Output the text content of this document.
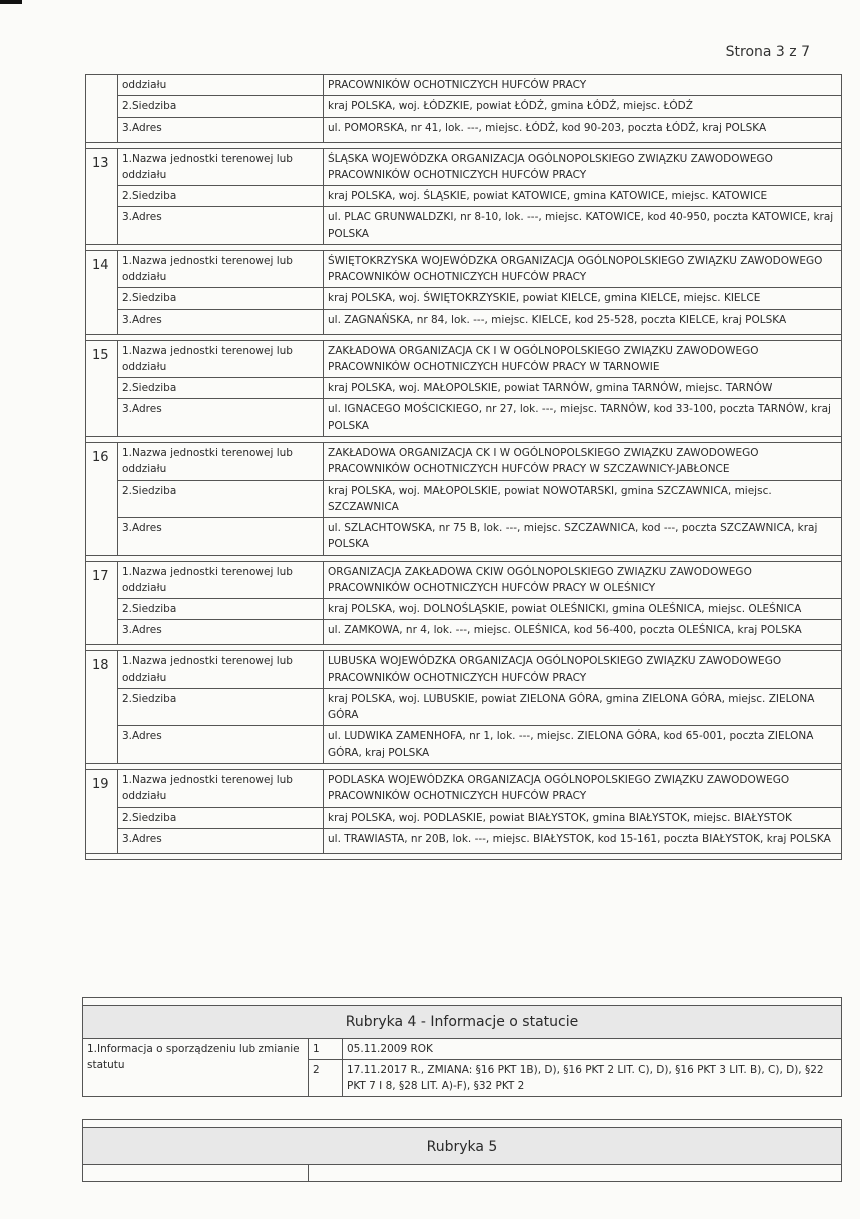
Strona 3 z 7
	oddziału	PRACOWNIKÓW OCHOTNICZYCH HUFCÓW PRACY
	2.Siedziba	kraj POLSKA, woj. ŁÓDZKIE, powiat ŁÓDŹ, gmina ŁÓDŹ, miejsc. ŁÓDŹ
	3.Adres	ul. POMORSKA, nr 41, lok. ---, miejsc. ŁÓDŹ, kod 90-203, poczta ŁÓDŹ, kraj POLSKA

13	1.Nazwa jednostki terenowej lub oddziału	ŚLĄSKA WOJEWÓDZKA ORGANIZACJA OGÓLNOPOLSKIEGO ZWIĄZKU ZAWODOWEGO PRACOWNIKÓW OCHOTNICZYCH HUFCÓW PRACY
	2.Siedziba	kraj POLSKA, woj. ŚLĄSKIE, powiat KATOWICE, gmina KATOWICE, miejsc. KATOWICE
	3.Adres	ul. PLAC GRUNWALDZKI, nr 8-10, lok. ---, miejsc. KATOWICE, kod 40-950, poczta KATOWICE, kraj POLSKA

14	1.Nazwa jednostki terenowej lub oddziału	ŚWIĘTOKRZYSKA WOJEWÓDZKA ORGANIZACJA OGÓLNOPOLSKIEGO ZWIĄZKU ZAWODOWEGO PRACOWNIKÓW OCHOTNICZYCH HUFCÓW PRACY
	2.Siedziba	kraj POLSKA, woj. ŚWIĘTOKRZYSKIE, powiat KIELCE, gmina KIELCE, miejsc. KIELCE
	3.Adres	ul. ZAGNAŃSKA, nr 84, lok. ---, miejsc. KIELCE, kod 25-528, poczta KIELCE, kraj POLSKA

15	1.Nazwa jednostki terenowej lub oddziału	ZAKŁADOWA ORGANIZACJA CK I W OGÓLNOPOLSKIEGO ZWIĄZKU ZAWODOWEGO PRACOWNIKÓW OCHOTNICZYCH HUFCÓW PRACY W TARNOWIE
	2.Siedziba	kraj POLSKA, woj. MAŁOPOLSKIE, powiat TARNÓW, gmina TARNÓW, miejsc. TARNÓW
	3.Adres	ul. IGNACEGO MOŚCICKIEGO, nr 27, lok. ---, miejsc. TARNÓW, kod 33-100, poczta TARNÓW, kraj POLSKA

16	1.Nazwa jednostki terenowej lub oddziału	ZAKŁADOWA ORGANIZACJA CK I W OGÓLNOPOLSKIEGO ZWIĄZKU ZAWODOWEGO PRACOWNIKÓW OCHOTNICZYCH HUFCÓW PRACY W SZCZAWNICY-JABŁONCE
	2.Siedziba	kraj POLSKA, woj. MAŁOPOLSKIE, powiat NOWOTARSKI, gmina SZCZAWNICA, miejsc. SZCZAWNICA
	3.Adres	ul. SZLACHTOWSKA, nr 75 B, lok. ---, miejsc. SZCZAWNICA, kod ---, poczta SZCZAWNICA, kraj POLSKA

17	1.Nazwa jednostki terenowej lub oddziału	ORGANIZACJA ZAKŁADOWA CKIW OGÓLNOPOLSKIEGO ZWIĄZKU ZAWODOWEGO PRACOWNIKÓW OCHOTNICZYCH HUFCÓW PRACY W OLEŚNICY
	2.Siedziba	kraj POLSKA, woj. DOLNOŚLĄSKIE, powiat OLEŚNICKI, gmina OLEŚNICA, miejsc. OLEŚNICA
	3.Adres	ul. ZAMKOWA, nr 4, lok. ---, miejsc. OLEŚNICA, kod 56-400, poczta OLEŚNICA, kraj POLSKA

18	1.Nazwa jednostki terenowej lub oddziału	LUBUSKA WOJEWÓDZKA ORGANIZACJA OGÓLNOPOLSKIEGO ZWIĄZKU ZAWODOWEGO PRACOWNIKÓW OCHOTNICZYCH HUFCÓW PRACY
	2.Siedziba	kraj POLSKA, woj. LUBUSKIE, powiat ZIELONA GÓRA, gmina ZIELONA GÓRA, miejsc. ZIELONA GÓRA
	3.Adres	ul. LUDWIKA ZAMENHOFA, nr 1, lok. ---, miejsc. ZIELONA GÓRA, kod 65-001, poczta ZIELONA GÓRA, kraj POLSKA

19	1.Nazwa jednostki terenowej lub oddziału	PODLASKA WOJEWÓDZKA ORGANIZACJA OGÓLNOPOLSKIEGO ZWIĄZKU ZAWODOWEGO PRACOWNIKÓW OCHOTNICZYCH HUFCÓW PRACY
	2.Siedziba	kraj POLSKA, woj. PODLASKIE, powiat BIAŁYSTOK, gmina BIAŁYSTOK, miejsc. BIAŁYSTOK
	3.Adres	ul. TRAWIASTA, nr 20B, lok. ---, miejsc. BIAŁYSTOK, kod 15-161, poczta BIAŁYSTOK, kraj POLSKA

Rubryka 4 - Informacje o statucie		
1.Informacja o sporządzeniu lub zmianie statutu	1	05.11.2009 ROK
	2	17.11.2017 R., ZMIANA: §16 PKT 1B), D), §16 PKT 2 LIT. C), D), §16 PKT 3 LIT. B), C), D), §22 PKT 7 I 8, §28 LIT. A)-F), §32 PKT 2

Rubryka 5
